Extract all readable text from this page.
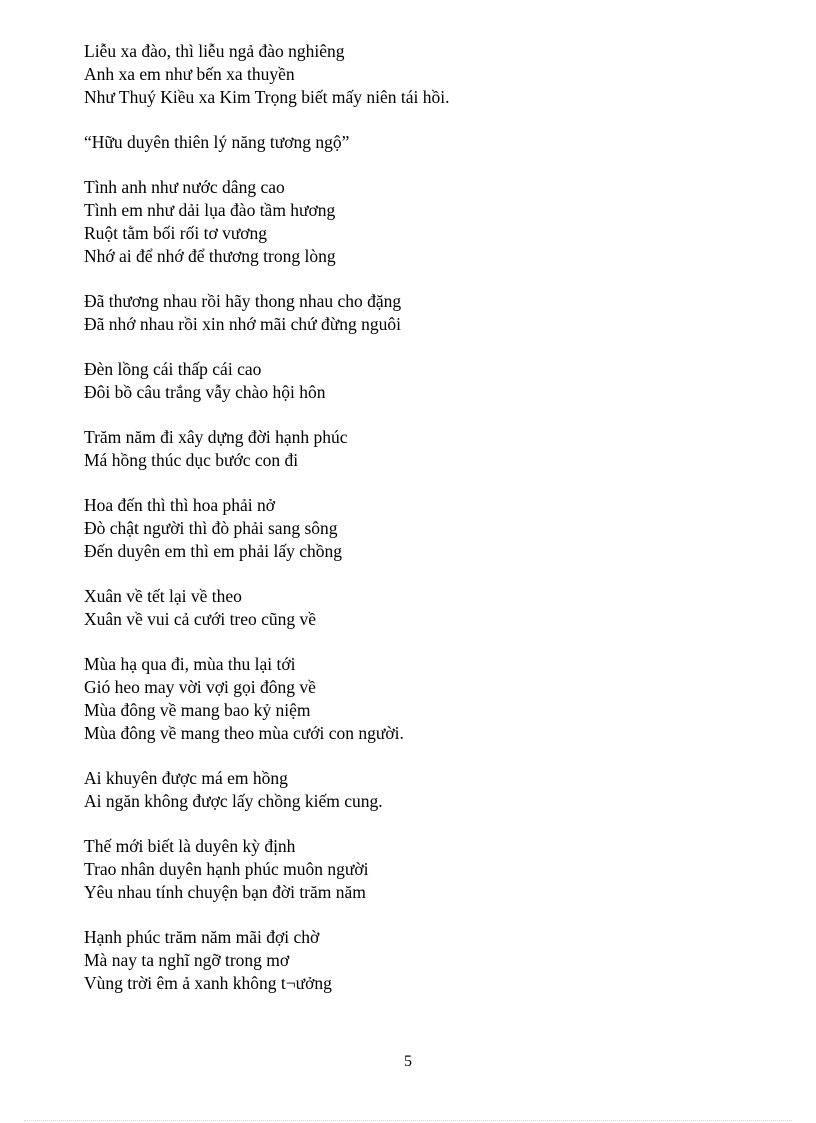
Liễu xa đào, thì liễu ngả đào nghiêng
Anh xa em như bến xa thuyền
Như Thuý Kiều xa Kim Trọng biết mấy niên tái hồi.
“Hữu duyên thiên lý năng tương ngộ”
Tình anh như nước dâng cao
Tình em như dải lụa đào tầm hương
Ruột tằm bối rối tơ vương
Nhớ ai để nhớ để thương trong lòng
Đã thương nhau rồi hãy thong nhau cho đặng
Đã nhớ nhau rồi xin nhớ mãi chứ đừng nguôi
Đèn lồng cái thấp cái cao
Đôi bồ câu trắng vẫy chào hội hôn
Trăm năm đi xây dựng đời hạnh phúc
Má hồng thúc dục bước con đi
Hoa đến thì thì hoa phải nở
Đò chật người thì đò phải sang sông
Đến duyên em thì em phải lấy chồng
Xuân về tết lại về theo
Xuân về vui cả cưới treo cũng về
Mùa hạ qua đi, mùa thu lại tới
Gió heo may vời vợi gọi đông về
Mùa đông về mang bao kỷ niệm
Mùa đông về mang theo mùa cưới con người.
Ai khuyên được má em hồng
Ai ngăn không được lấy chồng kiếm cung.
Thế mới biết là duyên kỳ định
Trao nhân duyên hạnh phúc muôn người
Yêu nhau tính chuyện bạn đời trăm năm
Hạnh phúc trăm năm mãi đợi chờ
Mà nay ta nghĩ ngỡ trong mơ
Vùng trời êm ả xanh không t¬ưởng
5
